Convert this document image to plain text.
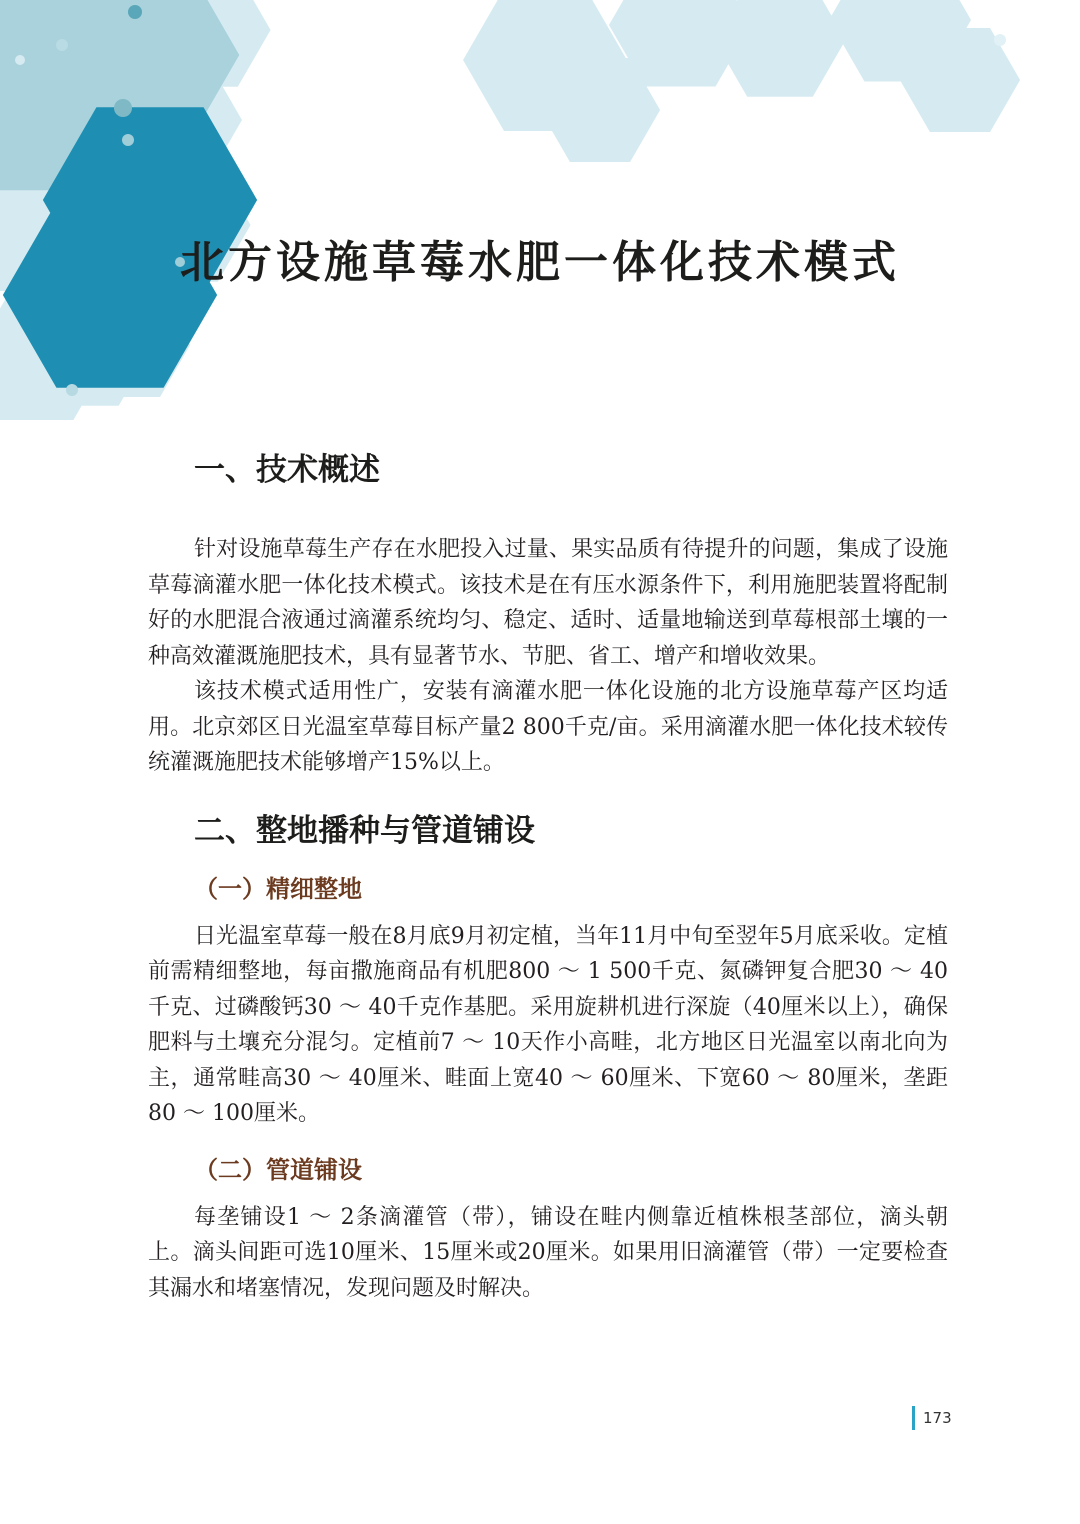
北方设施草莓水肥一体化技术模式
一、技术概述

针对设施草莓生产存在水肥投入过量、果实品质有待提升的问题，集成了设施草莓滴灌水肥一体化技术模式。该技术是在有压水源条件下，利用施肥装置将配制好的水肥混合液通过滴灌系统均匀、稳定、适时、适量地输送到草莓根部土壤的一种高效灌溉施肥技术，具有显著节水、节肥、省工、增产和增收效果。

该技术模式适用性广，安装有滴灌水肥一体化设施的北方设施草莓产区均适用。北京郊区日光温室草莓目标产量2 800千克/亩。采用滴灌水肥一体化技术较传统灌溉施肥技术能够增产15%以上。

二、整地播种与管道铺设
（一）精细整地

日光温室草莓一般在8月底9月初定植，当年11月中旬至翌年5月底采收。定植前需精细整地，每亩撒施商品有机肥800 ～ 1 500千克、氮磷钾复合肥30 ～ 40千克、过磷酸钙30 ～ 40千克作基肥。采用旋耕机进行深旋（40厘米以上），确保肥料与土壤充分混匀。定植前7 ～ 10天作小高畦，北方地区日光温室以南北向为主，通常畦高30 ～ 40厘米、畦面上宽40 ～ 60厘米、下宽60 ～ 80厘米，垄距80 ～ 100厘米。

（二）管道铺设

每垄铺设1 ～ 2条滴灌管（带），铺设在畦内侧靠近植株根茎部位，滴头朝上。滴头间距可选10厘米、15厘米或20厘米。如果用旧滴灌管（带）一定要检查其漏水和堵塞情况，发现问题及时解决。

173
